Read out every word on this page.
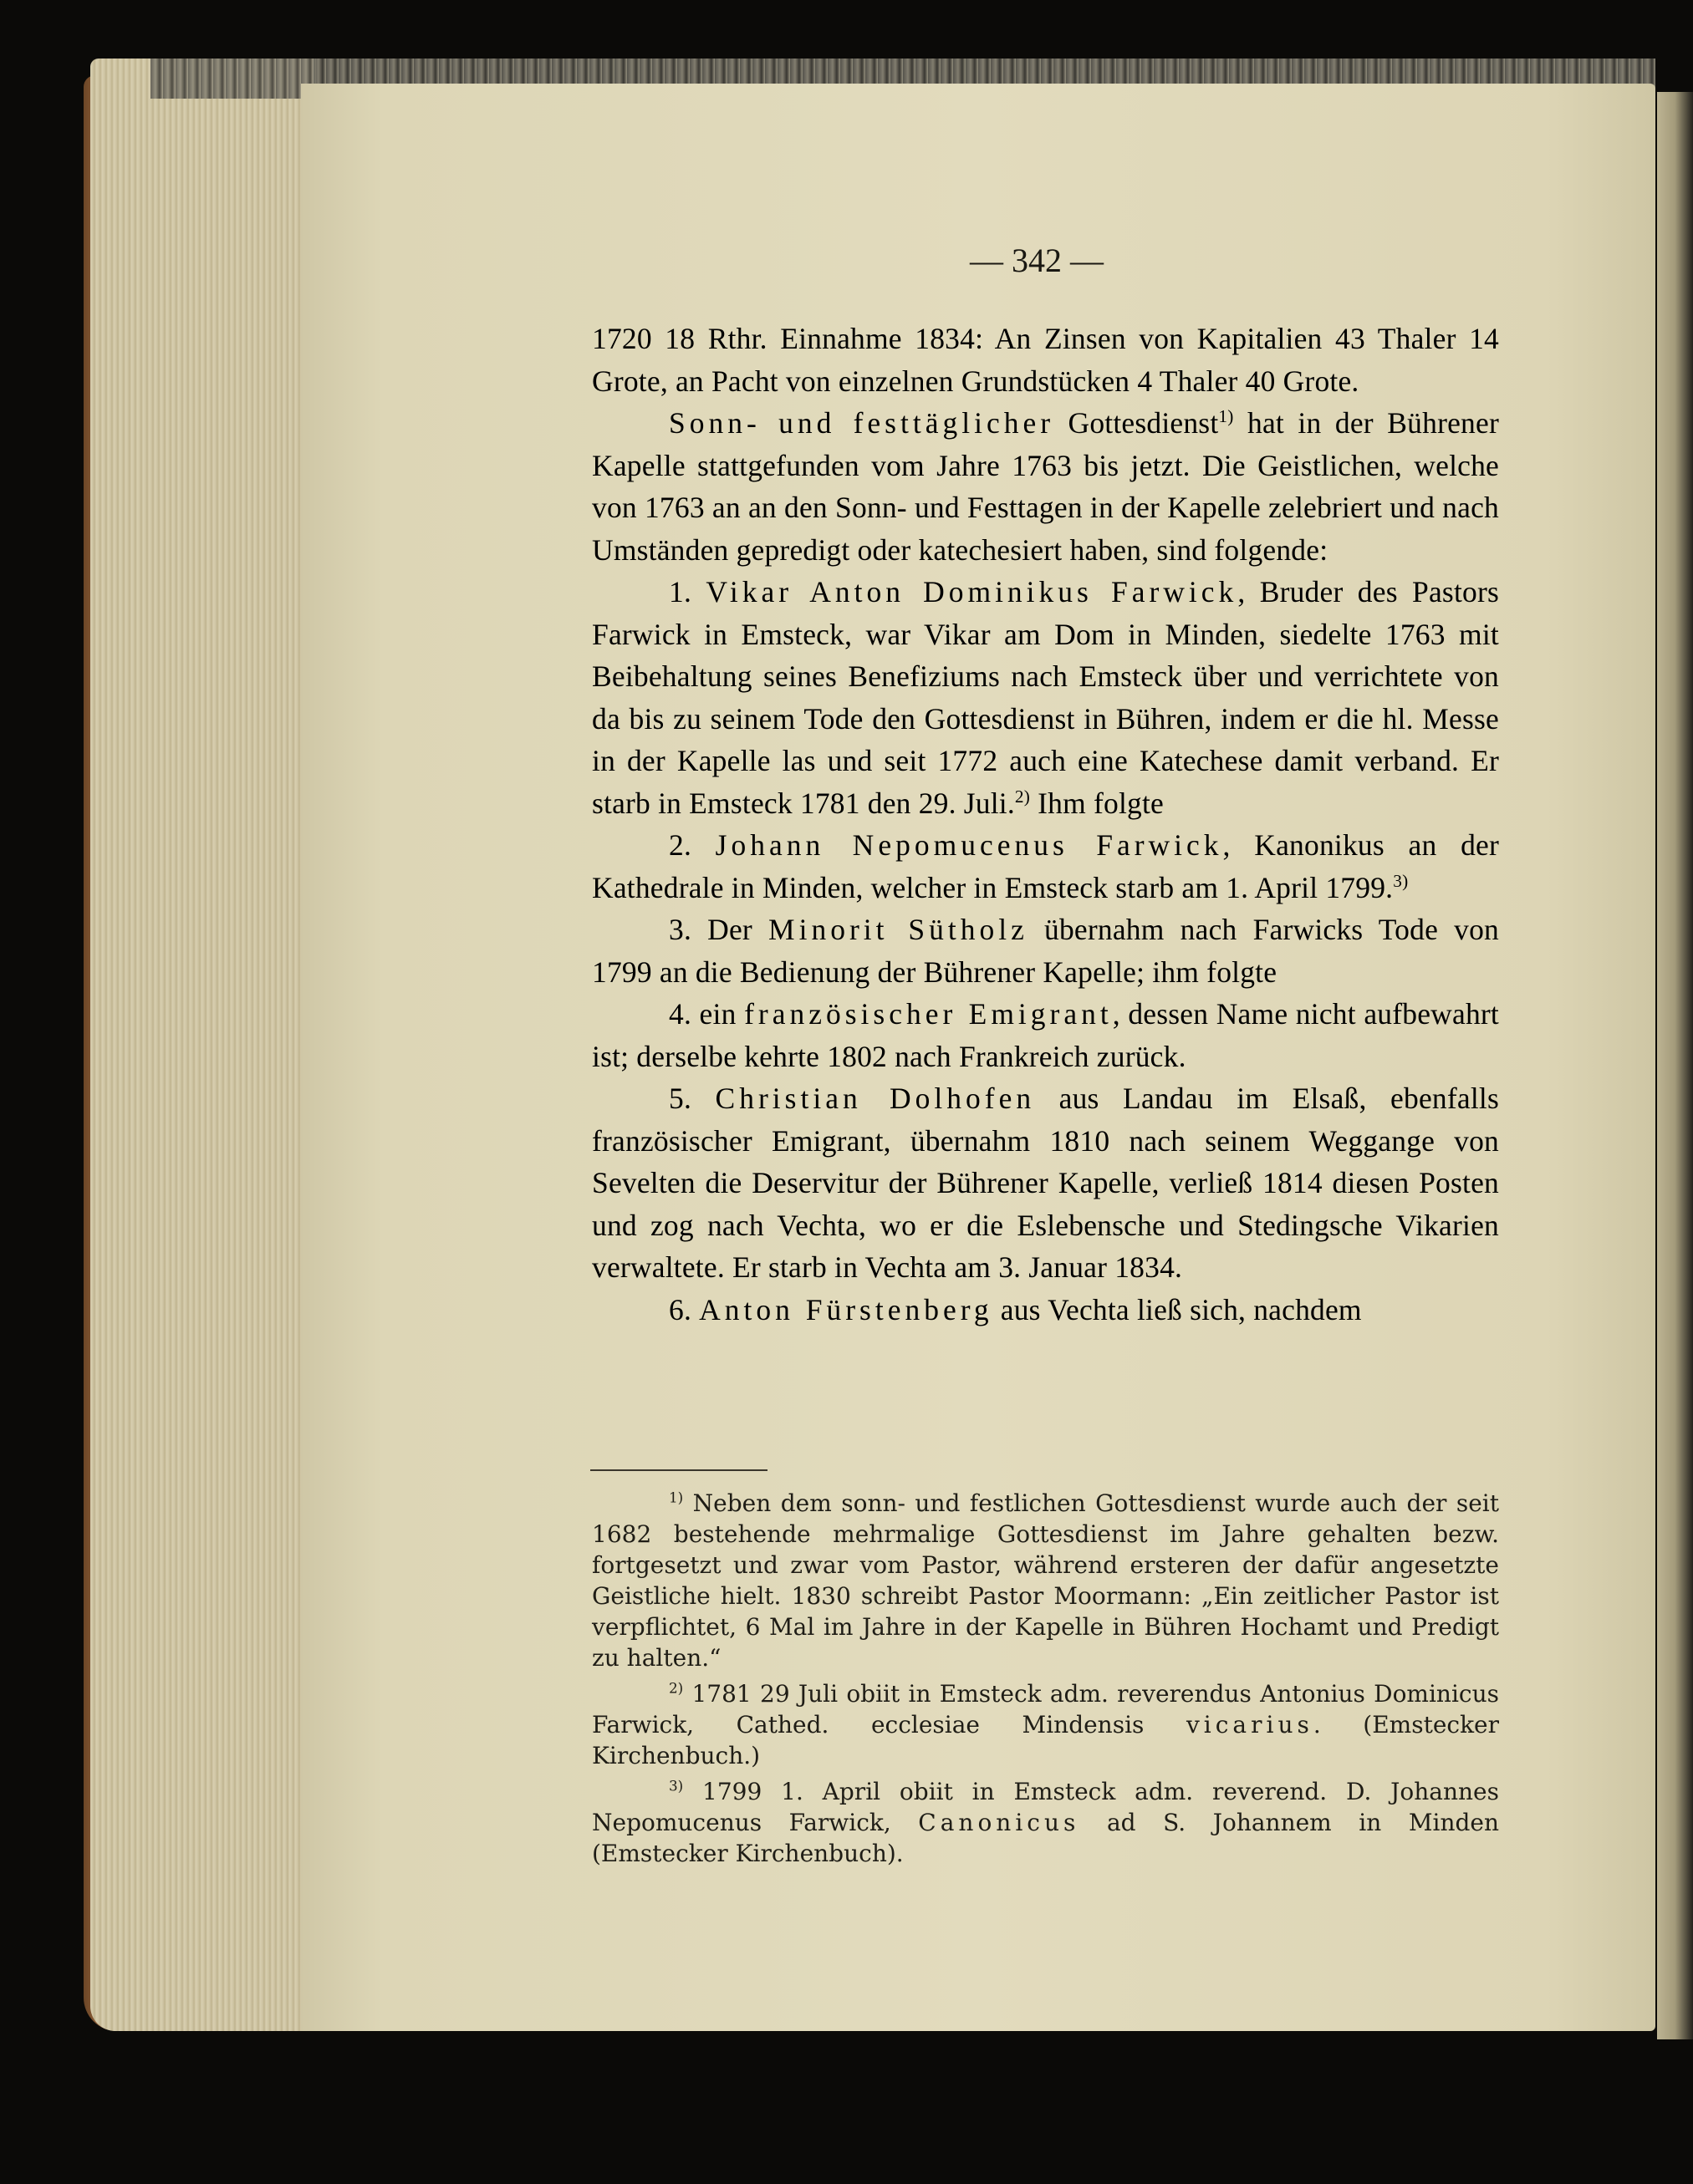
— 342 —

1720 18 Rthr. Einnahme 1834: An Zinsen von Kapitalien 43 Thaler 14 Grote, an Pacht von einzelnen Grundstücken 4 Thaler 40 Grote.

Sonn- und festtäglicher Gottesdienst$^{1)}$ hat in der Bührener Kapelle stattgefunden vom Jahre 1763 bis jetzt. Die Geistlichen, welche von 1763 an an den Sonn- und Festtagen in der Kapelle zelebriert und nach Umständen gepredigt oder katechesiert haben, sind folgende:

1. Vikar Anton Dominikus Farwick, Bruder des Pastors Farwick in Emsteck, war Vikar am Dom in Minden, siedelte 1763 mit Beibehaltung seines Benefiziums nach Emsteck über und verrichtete von da bis zu seinem Tode den Gottesdienst in Bühren, indem er die hl. Messe in der Kapelle las und seit 1772 auch eine Katechese damit verband. Er starb in Emsteck 1781 den 29. Juli.$^{2)}$ Ihm folgte

2. Johann Nepomucenus Farwick, Kanonikus an der Kathedrale in Minden, welcher in Emsteck starb am 1. April 1799.$^{3)}$

3. Der Minorit Sütholz übernahm nach Farwicks Tode von 1799 an die Bedienung der Bührener Kapelle; ihm folgte

4. ein französischer Emigrant, dessen Name nicht aufbewahrt ist; derselbe kehrte 1802 nach Frankreich zurück.

5. Christian Dolhofen aus Landau im Elsaß, ebenfalls französischer Emigrant, übernahm 1810 nach seinem Weggange von Sevelten die Deservitur der Bührener Kapelle, verließ 1814 diesen Posten und zog nach Vechta, wo er die Eslebensche und Stedingsche Vikarien verwaltete. Er starb in Vechta am 3. Januar 1834.

6. Anton Fürstenberg aus Vechta ließ sich, nachdem

$^{1)}$ Neben dem sonn- und festlichen Gottesdienst wurde auch der seit 1682 bestehende mehrmalige Gottesdienst im Jahre gehalten bezw. fortgesetzt und zwar vom Pastor, während ersteren der dafür angesetzte Geistliche hielt. 1830 schreibt Pastor Moormann: „Ein zeitlicher Pastor ist verpflichtet, 6 Mal im Jahre in der Kapelle in Bühren Hochamt und Predigt zu halten.“

$^{2)}$ 1781 29 Juli obiit in Emsteck adm. reverendus Antonius Dominicus Farwick, Cathed. ecclesiae Mindensis vicarius. (Emstecker Kirchenbuch.)

$^{3)}$ 1799 1. April obiit in Emsteck adm. reverend. D. Johannes Nepomucenus Farwick, Canonicus ad S. Johannem in Minden (Emstecker Kirchenbuch).
